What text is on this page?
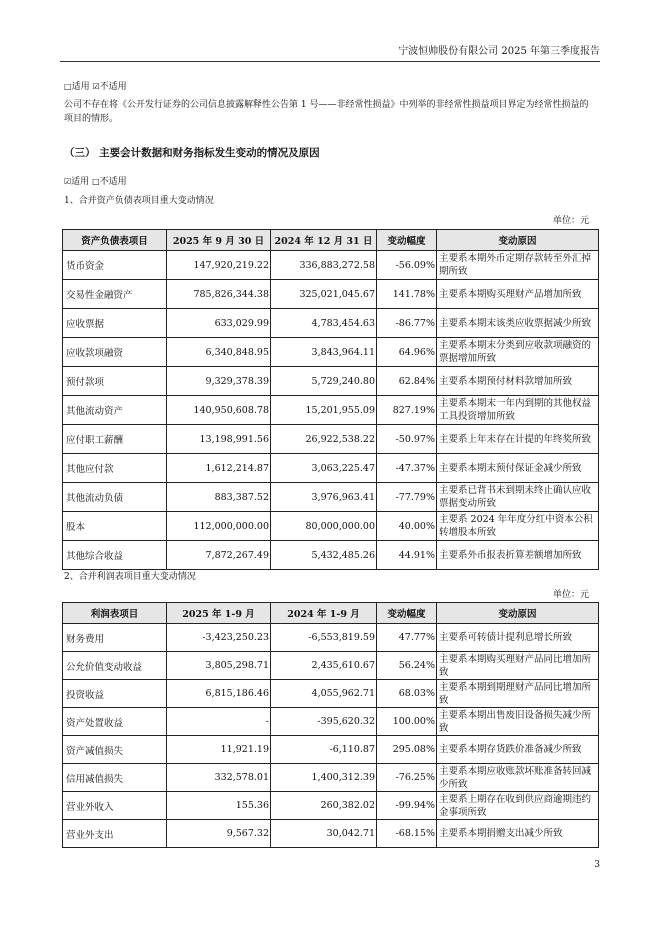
宁波恒帅股份有限公司 2025 年第三季度报告
□适用 ☑不适用
公司不存在将《公开发行证券的公司信息披露解释性公告第 1 号——非经常性损益》中列举的非经常性损益项目界定为经常性损益的项目的情形。
（三） 主要会计数据和财务指标发生变动的情况及原因
☑适用 □不适用
1、合并资产负债表项目重大变动情况
单位：元
资产负债表项目	2025 年 9 月 30 日	2024 年 12 月 31 日	变动幅度	变动原因
货币资金	147,920,219.22	336,883,272.58	-56.09%	主要系本期外币定期存款转至外汇掉期所致
交易性金融资产	785,826,344.38	325,021,045.67	141.78%	主要系本期购买理财产品增加所致
应收票据	633,029.99	4,783,454.63	-86.77%	主要系本期末该类应收票据减少所致
应收款项融资	6,340,848.95	3,843,964.11	64.96%	主要系本期末分类到应收款项融资的票据增加所致
预付款项	9,329,378.39	5,729,240.80	62.84%	主要系本期预付材料款增加所致
其他流动资产	140,950,608.78	15,201,955.09	827.19%	主要系本期末一年内到期的其他权益工具投资增加所致
应付职工薪酬	13,198,991.56	26,922,538.22	-50.97%	主要系上年末存在计提的年终奖所致
其他应付款	1,612,214.87	3,063,225.47	-47.37%	主要系本期末预付保证金减少所致
其他流动负债	883,387.52	3,976,963.41	-77.79%	主要系已背书未到期未终止确认应收票据变动所致
股本	112,000,000.00	80,000,000.00	40.00%	主要系 2024 年年度分红中资本公积转增股本所致
其他综合收益	7,872,267.49	5,432,485.26	44.91%	主要系外币报表折算差额增加所致
2、合并利润表项目重大变动情况
单位：元
利润表项目	2025 年 1-9 月	2024 年 1-9 月	变动幅度	变动原因
财务费用	-3,423,250.23	-6,553,819.59	47.77%	主要系可转债计提利息增长所致
公允价值变动收益	3,805,298.71	2,435,610.67	56.24%	主要系本期购买理财产品同比增加所致
投资收益	6,815,186.46	4,055,962.71	68.03%	主要系本期到期理财产品同比增加所致
资产处置收益	-	-395,620.32	100.00%	主要系本期出售废旧设备损失减少所致
资产减值损失	11,921.19	-6,110.87	295.08%	主要系本期存货跌价准备减少所致
信用减值损失	332,578.01	1,400,312.39	-76.25%	主要系本期应收账款坏账准备转回减少所致
营业外收入	155.36	260,382.02	-99.94%	主要系上期存在收到供应商逾期违约金事项所致
营业外支出	9,567.32	30,042.71	-68.15%	主要系本期捐赠支出减少所致
3
